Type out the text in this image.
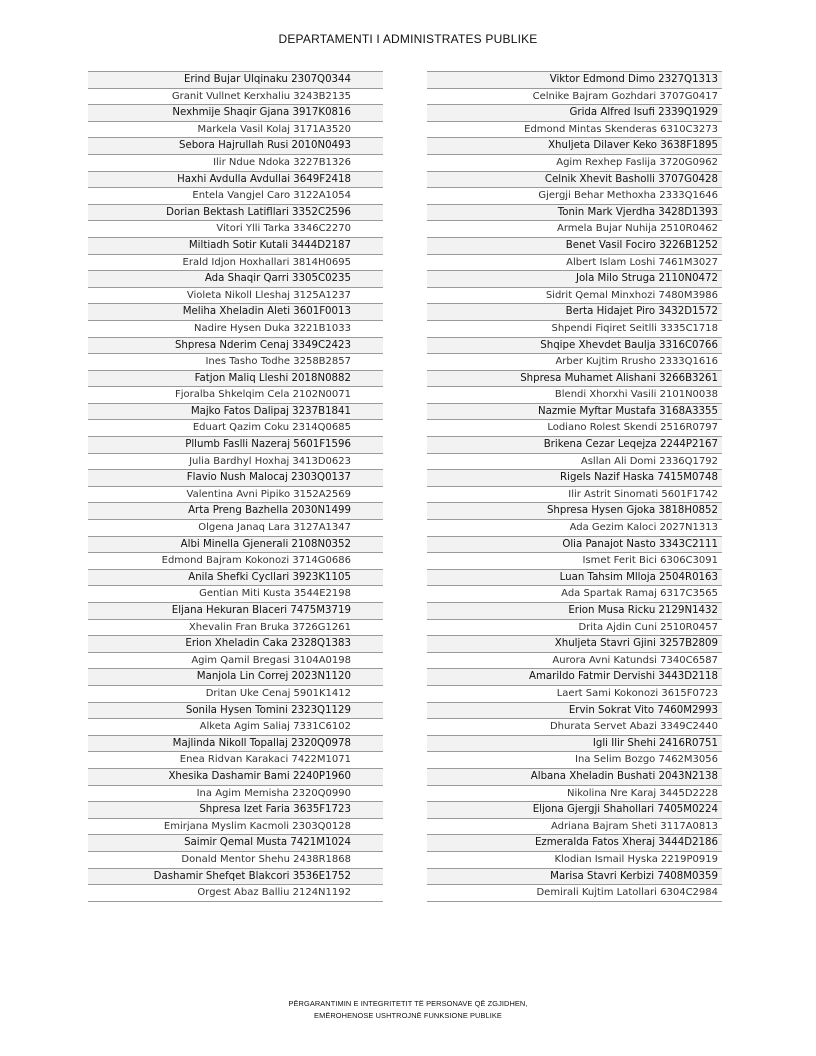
DEPARTAMENTI I ADMINISTRATES PUBLIKE
Erind Bujar Ulqinaku 2307Q0344
Granit Vullnet Kerxhaliu 3243B2135
Nexhmije Shaqir Gjana 3917K0816
Markela Vasil Kolaj 3171A3520
Sebora Hajrullah Rusi 2010N0493
Ilir Ndue Ndoka 3227B1326
Haxhi Avdulla Avdullai 3649F2418
Entela Vangjel Caro 3122A1054
Dorian Bektash Latifllari 3352C2596
Vitori Ylli Tarka 3346C2270
Miltiadh Sotir Kutali 3444D2187
Erald Idjon Hoxhallari 3814H0695
Ada Shaqir Qarri 3305C0235
Violeta Nikoll Lleshaj 3125A1237
Meliha Xheladin Aleti 3601F0013
Nadire Hysen Duka 3221B1033
Shpresa Nderim Cenaj 3349C2423
Ines Tasho Todhe 3258B2857
Fatjon Maliq Lleshi 2018N0882
Fjoralba Shkelqim Cela 2102N0071
Majko Fatos Dalipaj 3237B1841
Eduart Qazim Coku 2314Q0685
Pllumb Faslli Nazeraj 5601F1596
Julia Bardhyl Hoxhaj 3413D0623
Flavio Nush Malocaj 2303Q0137
Valentina Avni Pipiko 3152A2569
Arta Preng Bazhella 2030N1499
Olgena Janaq Lara 3127A1347
Albi Minella Gjenerali 2108N0352
Edmond Bajram Kokonozi 3714G0686
Anila Shefki Cycllari 3923K1105
Gentian Miti Kusta 3544E2198
Eljana Hekuran Blaceri 7475M3719
Xhevalin Fran Bruka 3726G1261
Erion Xheladin Caka 2328Q1383
Agim Qamil Bregasi 3104A0198
Manjola Lin Correj 2023N1120
Dritan Uke Cenaj 5901K1412
Sonila Hysen Tomini 2323Q1129
Alketa Agim Saliaj 7331C6102
Majlinda Nikoll Topallaj 2320Q0978
Enea Ridvan Karakaci 7422M1071
Xhesika Dashamir Bami 2240P1960
Ina Agim Memisha 2320Q0990
Shpresa Izet Faria 3635F1723
Emirjana Myslim Kacmoli 2303Q0128
Saimir Qemal Musta 7421M1024
Donald Mentor Shehu 2438R1868
Dashamir Shefqet Blakcori 3536E1752
Orgest Abaz Balliu 2124N1192
Viktor Edmond Dimo 2327Q1313
Celnike Bajram Gozhdari 3707G0417
Grida Alfred Isufi 2339Q1929
Edmond Mintas Skenderas 6310C3273
Xhuljeta Dilaver Keko 3638F1895
Agim Rexhep Faslija 3720G0962
Celnik Xhevit Basholli 3707G0428
Gjergji Behar Methoxha 2333Q1646
Tonin Mark Vjerdha 3428D1393
Armela Bujar Nuhija 2510R0462
Benet Vasil Fociro 3226B1252
Albert Islam Loshi 7461M3027
Jola Milo Struga 2110N0472
Sidrit Qemal Minxhozi 7480M3986
Berta Hidajet Piro 3432D1572
Shpendi Fiqiret Seitlli 3335C1718
Shqipe Xhevdet Baulja 3316C0766
Arber Kujtim Rrusho 2333Q1616
Shpresa Muhamet Alishani 3266B3261
Blendi Xhorxhi Vasili 2101N0038
Nazmie Myftar Mustafa 3168A3355
Lodiano Rolest Skendi 2516R0797
Brikena Cezar Leqejza 2244P2167
Asllan Ali Domi 2336Q1792
Rigels Nazif Haska 7415M0748
Ilir Astrit Sinomati 5601F1742
Shpresa Hysen Gjoka 3818H0852
Ada Gezim Kaloci 2027N1313
Olia Panajot Nasto 3343C2111
Ismet Ferit Bici 6306C3091
Luan Tahsim Mlloja 2504R0163
Ada Spartak Ramaj 6317C3565
Erion Musa Ricku 2129N1432
Drita Ajdin Cuni 2510R0457
Xhuljeta Stavri Gjini 3257B2809
Aurora Avni Katundsi 7340C6587
Amarildo Fatmir Dervishi 3443D2118
Laert Sami Kokonozi 3615F0723
Ervin Sokrat Vito 7460M2993
Dhurata Servet Abazi 3349C2440
Igli Ilir Shehi 2416R0751
Ina Selim Bozgo 7462M3056
Albana Xheladin Bushati 2043N2138
Nikolina Nre Karaj 3445D2228
Eljona Gjergji Shahollari 7405M0224
Adriana Bajram Sheti 3117A0813
Ezmeralda Fatos Xheraj 3444D2186
Klodian Ismail Hyska 2219P0919
Marisa Stavri Kerbizi 7408M0359
Demirali Kujtim Latollari 6304C2984
PËRGARANTIMIN E INTEGRITETIT TË PERSONAVE QË ZGJIDHEN,
EMËROHENOSE USHTROJNË FUNKSIONE PUBLIKE
